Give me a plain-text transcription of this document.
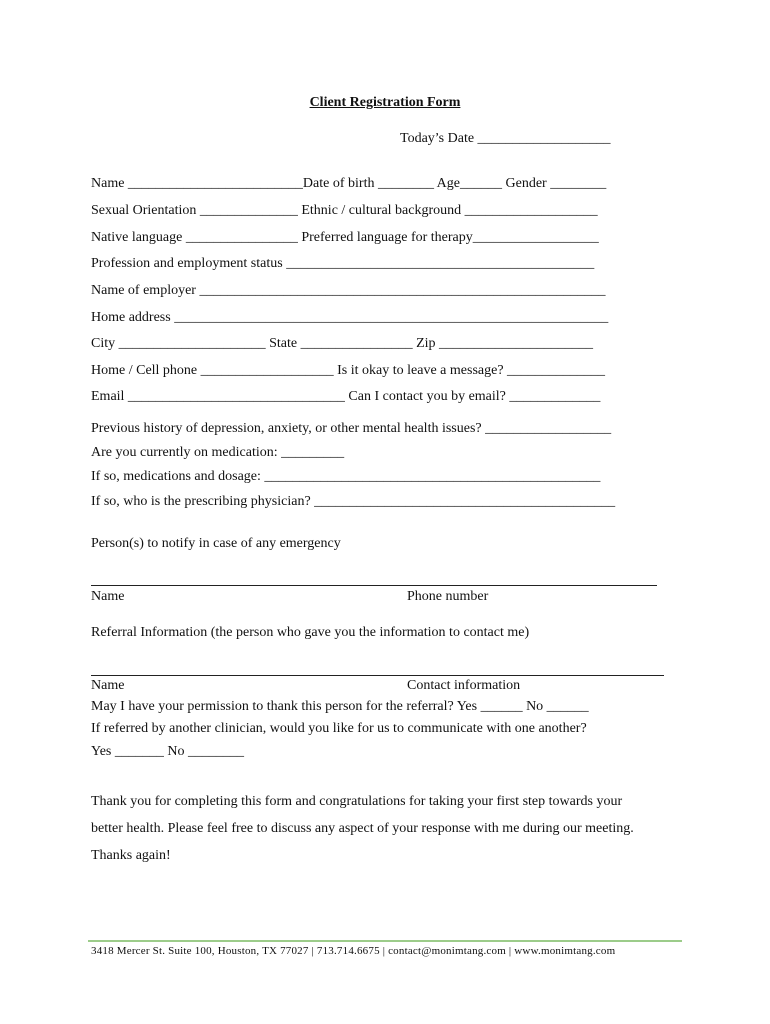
Client Registration Form
Today’s Date ___________________
Name _________________________Date of birth ________ Age______ Gender ________
Sexual Orientation ______________ Ethnic / cultural background ___________________
Native language ________________ Preferred language for therapy__________________
Profession and employment status ____________________________________________
Name of employer __________________________________________________________
Home address ______________________________________________________________
City _____________________ State ________________ Zip ______________________
Home / Cell phone ___________________ Is it okay to leave a message? ______________
Email _______________________________ Can I contact you by email? _____________
Previous history of depression, anxiety, or other mental health issues? __________________
Are you currently on medication: _________
If so, medications and dosage: ________________________________________________
If so, who is the prescribing physician? ___________________________________________
Person(s) to notify in case of any emergency
Name	Phone number
Referral Information (the person who gave you the information to contact me)
Name	Contact information
May I have your permission to thank this person for the referral? Yes ______ No ______
If referred by another clinician, would you like for us to communicate with one another?
Yes _______ No ________

Thank you for completing this form and congratulations for taking your first step towards your

better health. Please feel free to discuss any aspect of your response with me during our meeting.

Thanks again!

3418 Mercer St. Suite 100, Houston, TX 77027 | 713.714.6675 | contact@monimtang.com | www.monimtang.com
